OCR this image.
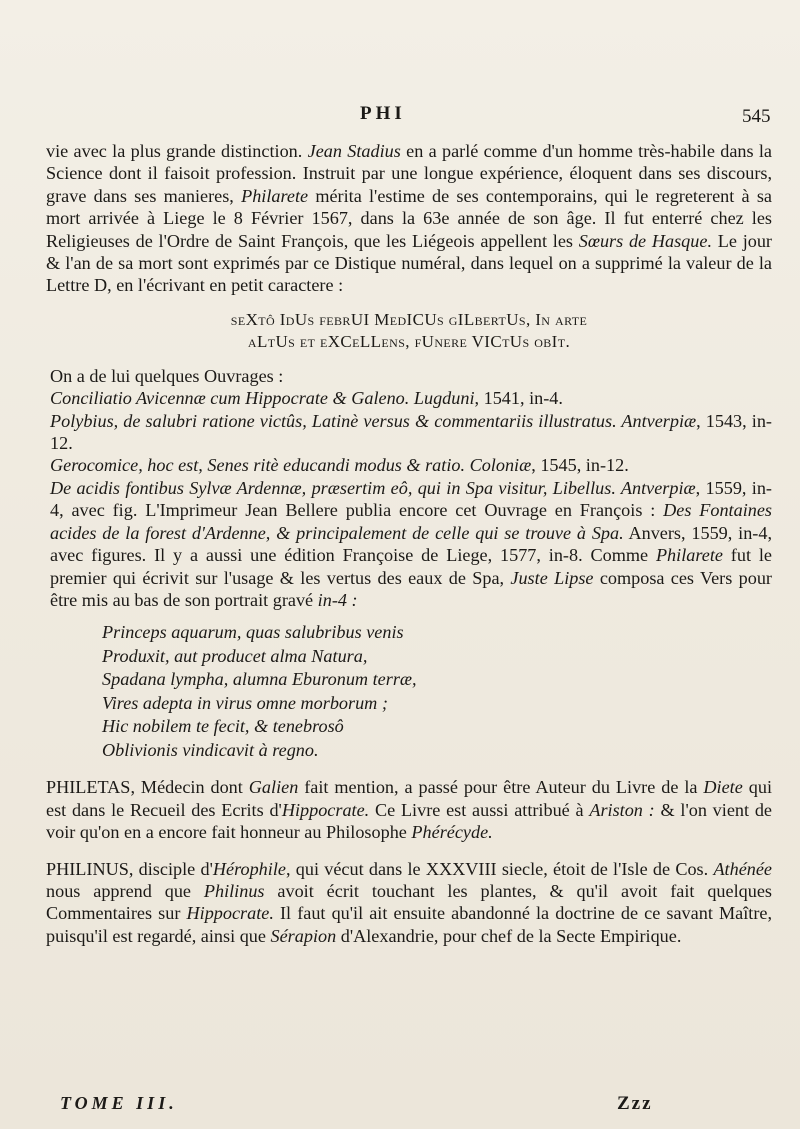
PHI	545

vie avec la plus grande distinction. Jean Stadius en a parlé comme d'un homme très-habile dans la Science dont il faisoit profession. Instruit par une longue expérience, éloquent dans ses discours, grave dans ses manieres, Philarete mérita l'estime de ses contemporains, qui le regreterent à sa mort arrivée à Liege le 8 Février 1567, dans la 63e année de son âge. Il fut enterré chez les Religieuses de l'Ordre de Saint François, que les Liégeois appellent les Sœurs de Hasque. Le jour & l'an de sa mort sont exprimés par ce Distique numéral, dans lequel on a supprimé la valeur de la Lettre D, en l'écrivant en petit caractere :

seXtô IdUs febrUI MedICUs gILbertUs, In arte
aLtUs et eXCeLLens, fUnere VICtUs obIt.

On a de lui quelques Ouvrages :

Conciliatio Avicennæ cum Hippocrate & Galeno. Lugduni, 1541, in-4.

Polybius, de salubri ratione victûs, Latinè versus & commentariis illustratus. Antverpiæ, 1543, in-12.

Gerocomice, hoc est, Senes ritè educandi modus & ratio. Coloniæ, 1545, in-12.

De acidis fontibus Sylvæ Ardennæ, præsertim eô, qui in Spa visitur, Libellus. Antverpiæ, 1559, in-4, avec fig. L'Imprimeur Jean Bellere publia encore cet Ouvrage en François : Des Fontaines acides de la forest d'Ardenne, & principalement de celle qui se trouve à Spa. Anvers, 1559, in-4, avec figures. Il y a aussi une édition Françoise de Liege, 1577, in-8. Comme Philarete fut le premier qui écrivit sur l'usage & les vertus des eaux de Spa, Juste Lipse composa ces Vers pour être mis au bas de son portrait gravé in-4 :

Princeps aquarum, quas salubribus venis
Produxit, aut producet alma Natura,
Spadana lympha, alumna Eburonum terræ,
Vires adepta in virus omne morborum ;
Hic nobilem te fecit, & tenebrosô
Oblivionis vindicavit à regno.

PHILETAS, Médecin dont Galien fait mention, a passé pour être Auteur du Livre de la Diete qui est dans le Recueil des Ecrits d'Hippocrate. Ce Livre est aussi attribué à Ariston : & l'on vient de voir qu'on en a encore fait honneur au Philosophe Phérécyde.

PHILINUS, disciple d'Hérophile, qui vécut dans le XXXVIII siecle, étoit de l'Isle de Cos. Athénée nous apprend que Philinus avoit écrit touchant les plantes, & qu'il avoit fait quelques Commentaires sur Hippocrate. Il faut qu'il ait ensuite abandonné la doctrine de ce savant Maître, puisqu'il est regardé, ainsi que Sérapion d'Alexandrie, pour chef de la Secte Empirique.

TOME III.	Zzz
